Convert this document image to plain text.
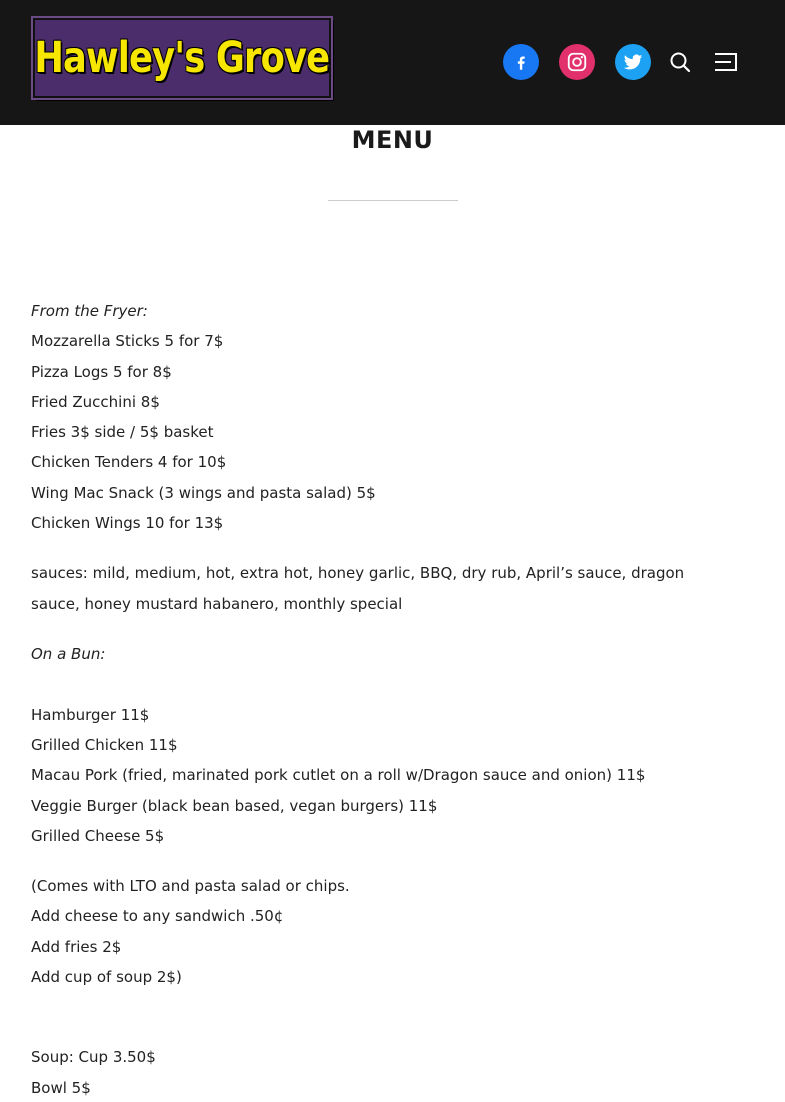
Hawley's Grove
MENU
From the Fryer:
Mozzarella Sticks 5 for 7$
Pizza Logs 5 for 8$
Fried Zucchini 8$
Fries 3$ side / 5$ basket
Chicken Tenders 4 for 10$
Wing Mac Snack (3 wings and pasta salad) 5$
Chicken Wings 10 for 13$
sauces: mild, medium, hot, extra hot, honey garlic, BBQ, dry rub, April’s sauce, dragon sauce, honey mustard habanero, monthly special
On a Bun:
Hamburger 11$
Grilled Chicken 11$
Macau Pork (fried, marinated pork cutlet on a roll w/Dragon sauce and onion) 11$
Veggie Burger (black bean based, vegan burgers) 11$
Grilled Cheese 5$
(Comes with LTO and pasta salad or chips.
Add cheese to any sandwich .50¢
Add fries 2$
Add cup of soup 2$)
Soup: Cup 3.50$
Bowl 5$
